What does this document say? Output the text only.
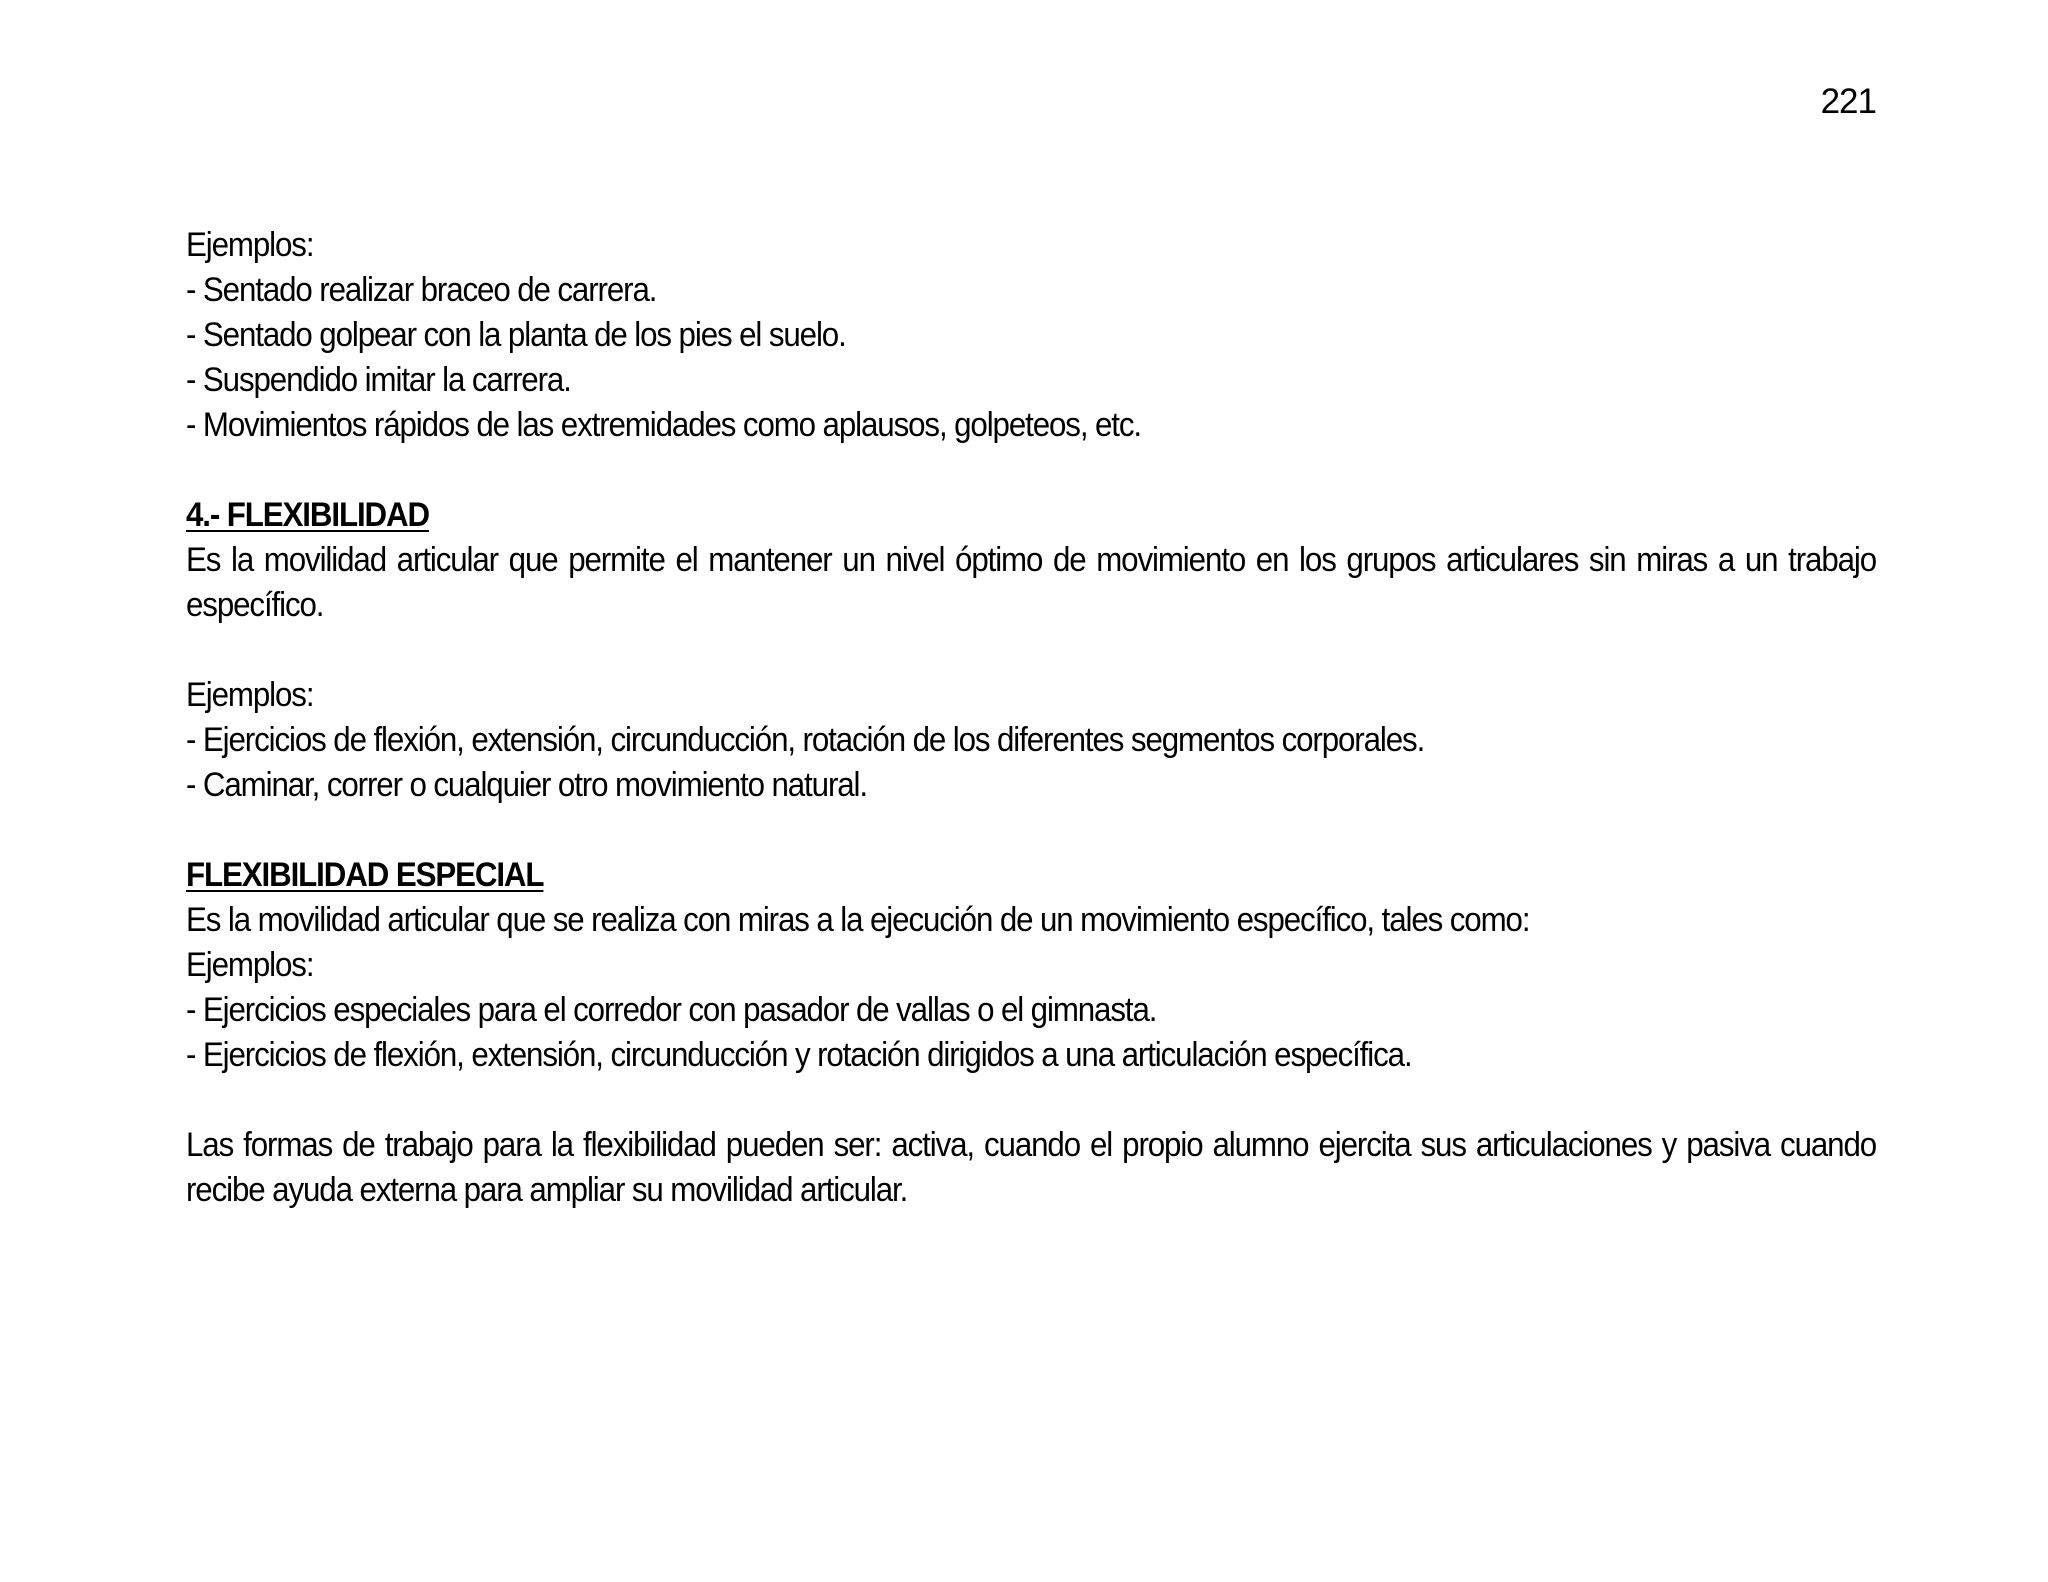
221

Ejemplos:

- Sentado realizar braceo de carrera.

- Sentado golpear con la planta de los pies el suelo.

- Suspendido imitar la carrera.

- Movimientos rápidos de las extremidades como aplausos, golpeteos, etc.

4.- FLEXIBILIDAD

Es la movilidad articular que permite el mantener un nivel óptimo de movimiento en los grupos articulares sin miras a un trabajo específico.

Ejemplos:

- Ejercicios de flexión, extensión, circunducción, rotación de los diferentes segmentos corporales.

- Caminar, correr o cualquier otro movimiento natural.

FLEXIBILIDAD ESPECIAL

Es la movilidad articular que se realiza con miras a la ejecución de un movimiento específico, tales como:

Ejemplos:

- Ejercicios especiales para el corredor con pasador de vallas o el gimnasta.

- Ejercicios de flexión, extensión, circunducción y rotación dirigidos a una articulación específica.

Las formas de trabajo para la flexibilidad pueden ser: activa, cuando el propio alumno ejercita sus articulaciones y pasiva cuando recibe ayuda externa para ampliar su movilidad articular.
